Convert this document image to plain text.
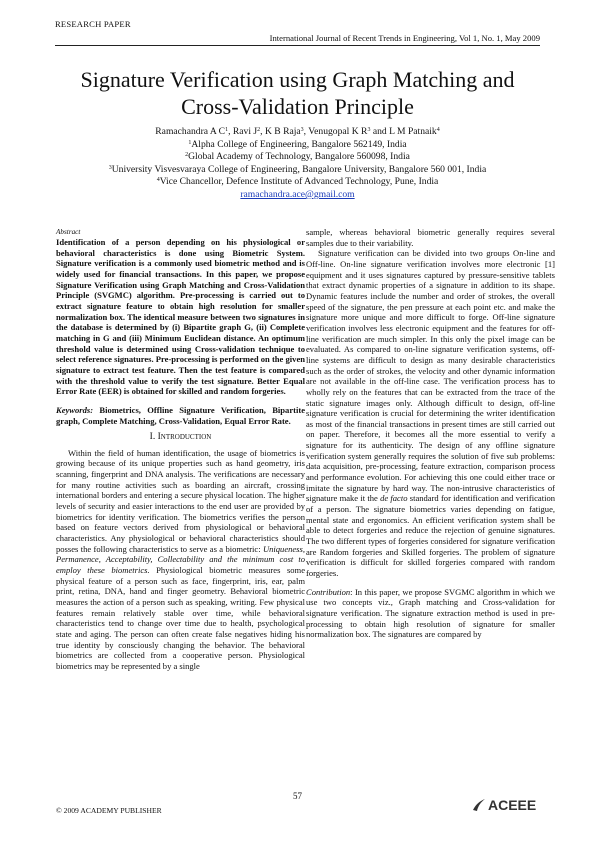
RESEARCH PAPER
International Journal of Recent Trends in Engineering, Vol 1, No. 1, May 2009
Signature Verification using Graph Matching and
Cross-Validation Principle
Ramachandra A $C^1$, Ravi $J^2$, K B Raja$^3$, Venugopal K $R^3$ and L M Patnaik$^4$
$^1$Alpha College of Engineering, Bangalore 562149, India
$^2$Global Academy of Technology, Bangalore 560098, India
$^3$University Visvesvaraya College of Engineering, Bangalore University, Bangalore 560 001, India
$^4$Vice Chancellor, Defence Institute of Advanced Technology, Pune, India
ramachandra.ace@gmail.com
Abstract

Identification of a person depending on his physiological or behavioral characteristics is done using Biometric System. Signature verification is a commonly used biometric method and is widely used for financial transactions. In this paper, we propose Signature Verification using Graph Matching and Cross-Validation Principle (SVGMC) algorithm. Pre-processing is carried out to extract signature feature to obtain high resolution for smaller normalization box. The identical measure between two signatures in the database is determined by (i) Bipartite graph G, (ii) Complete matching in G and (iii) Minimum Euclidean distance. An optimum threshold value is determined using Cross-validation technique to select reference signatures. Pre-processing is performed on the given signature to extract test feature. Then the test feature is compared with the threshold value to verify the test signature. Better Equal Error Rate (EER) is obtained for skilled and random forgeries.

Keywords: Biometrics, Offline Signature Verification, Bipartite graph, Complete Matching, Cross-Validation, Equal Error Rate.

I. Introduction

Within the field of human identification, the usage of biometrics is growing because of its unique properties such as hand geometry, iris scanning, fingerprint and DNA analysis. The verifications are necessary for many routine activities such as boarding an aircraft, crossing international borders and entering a secure physical location. The higher levels of security and easier interactions to the end user are provided by biometrics for identity verification. The biometrics verifies the person based on feature vectors derived from physiological or behavioral characteristics. Any physiological or behavioral characteristics should posses the following characteristics to serve as a biometric: Uniqueness, Permanence, Acceptability, Collectability and the minimum cost to employ these biometrics. Physiological biometric measures some physical feature of a person such as face, fingerprint, iris, ear, palm print, retina, DNA, hand and finger geometry. Behavioral biometric measures the action of a person such as speaking, writing. Few physical features remain relatively stable over time, while behavioral characteristics tend to change over time due to health, psychological state and aging. The person can often create false negatives hiding his true identity by consciously changing the behavior. The behavioral biometrics are collected from a cooperative person. Physiological biometrics may be represented by a single

sample, whereas behavioral biometric generally requires several samples due to their variability.

Signature verification can be divided into two groups On-line and Off-line. On-line signature verification involves more electronic [1] equipment and it uses signatures captured by pressure-sensitive tablets that extract dynamic properties of a signature in addition to its shape. Dynamic features include the number and order of strokes, the overall speed of the signature, the pen pressure at each point etc. and make the signature more unique and more difficult to forge. Off-line signature verification involves less electronic equipment and the features for off-line verification are much simpler. In this only the pixel image can be evaluated. As compared to on-line signature verification systems, off-line systems are difficult to design as many desirable characteristics such as the order of strokes, the velocity and other dynamic information are not available in the off-line case. The verification process has to wholly rely on the features that can be extracted from the trace of the static signature images only. Although difficult to design, off-line signature verification is crucial for determining the writer identification as most of the financial transactions in present times are still carried out on paper. Therefore, it becomes all the more essential to verify a signature for its authenticity. The design of any offline signature verification system generally requires the solution of five sub problems: data acquisition, pre-processing, feature extraction, comparison process and performance evolution. For achieving this one could either trace or imitate the signature by hard way. The non-intrusive characteristics of signature make it the de facto standard for identification and verification of a person. The signature biometrics varies depending on fatigue, mental state and ergonomics. An efficient verification system shall be able to detect forgeries and reduce the rejection of genuine signatures. The two different types of forgeries considered for signature verification are Random forgeries and Skilled forgeries. The problem of signature verification is difficult for skilled forgeries compared with random forgeries.

Contribution: In this paper, we propose SVGMC algorithm in which we use two concepts viz., Graph matching and Cross-validation for signature verification. The signature extraction method is used in pre-processing to obtain high resolution of signature for smaller normalization box. The signatures are compared by

57
© 2009 ACADEMY PUBLISHER	ACEEE
